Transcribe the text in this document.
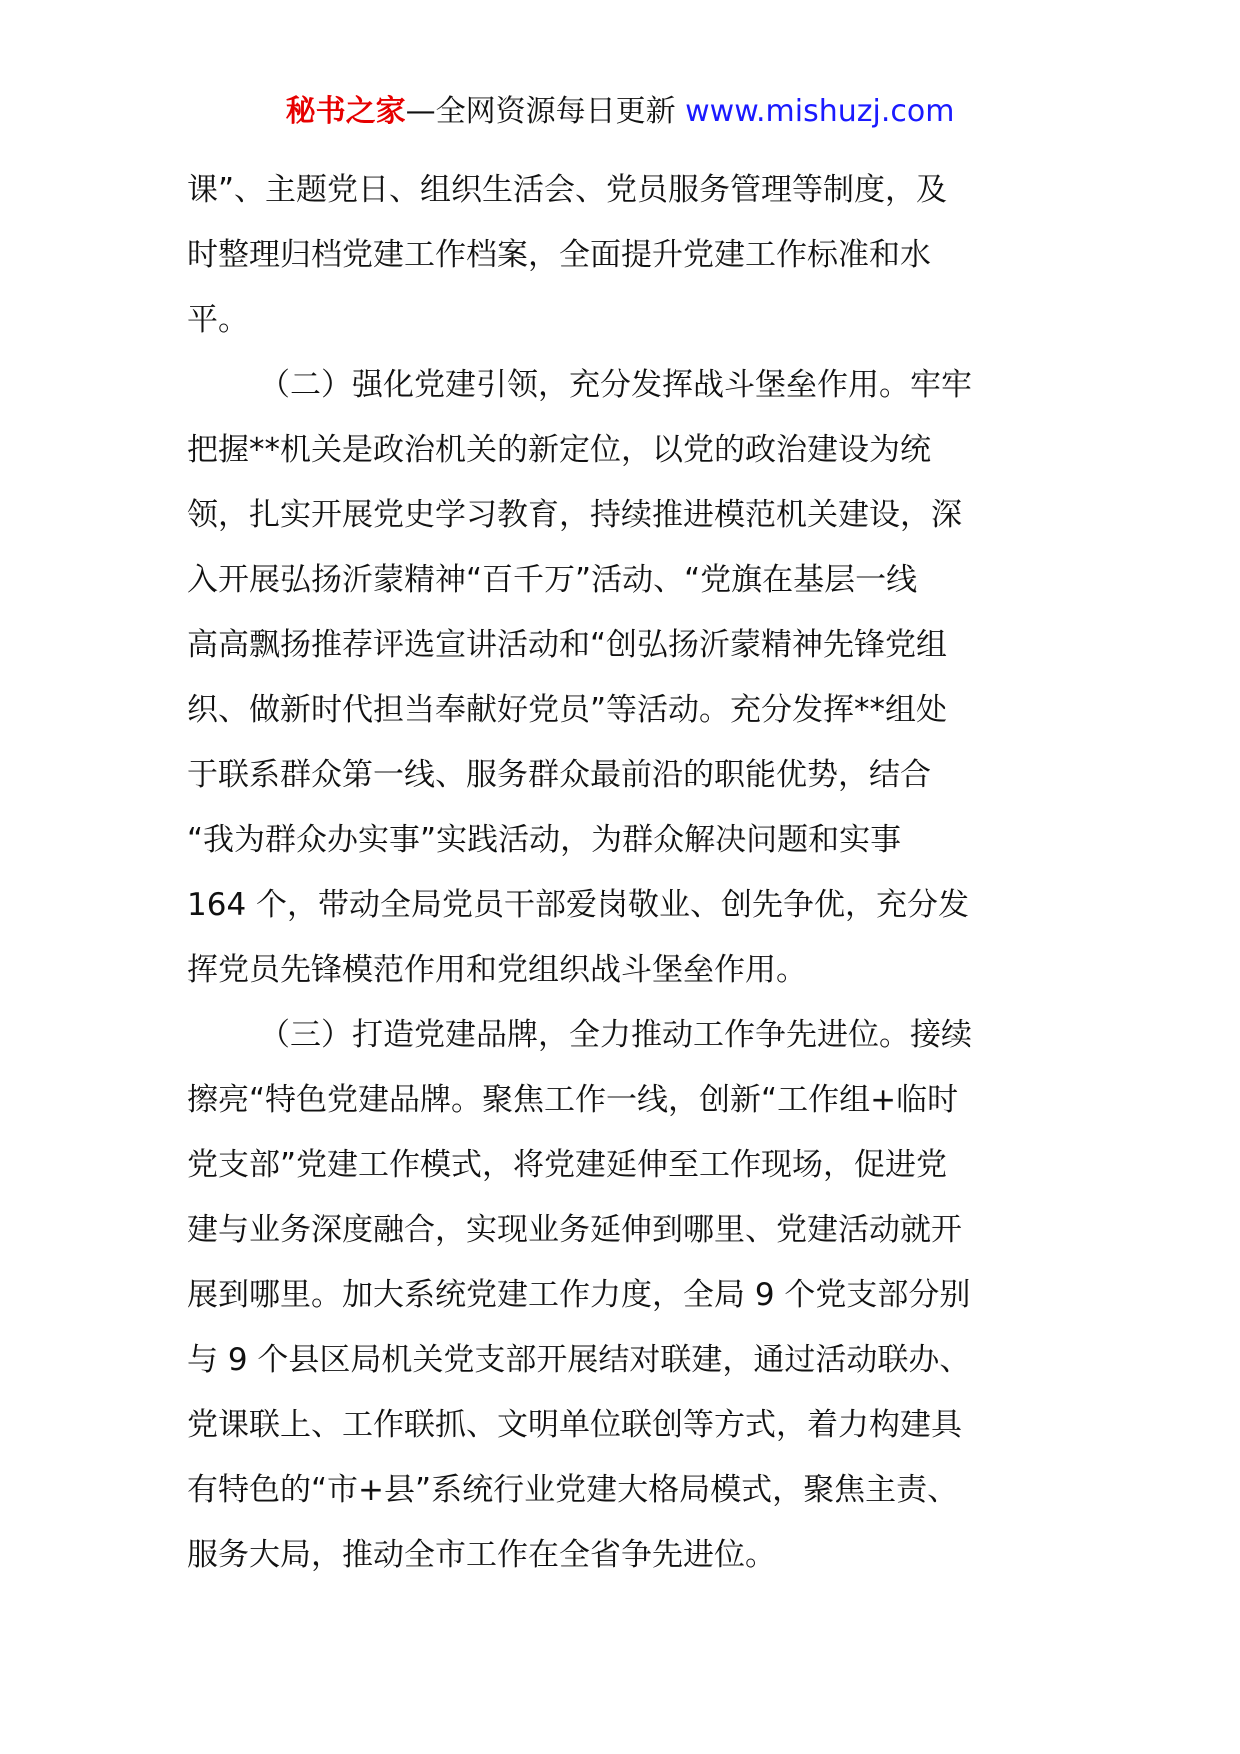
秘书之家—全网资源每日更新 www.mishuzj.com
课”、主题党日、组织生活会、党员服务管理等制度，及
时整理归档党建工作档案，全面提升党建工作标准和水
平。
（二）强化党建引领，充分发挥战斗堡垒作用。牢牢
把握**机关是政治机关的新定位，以党的政治建设为统
领，扎实开展党史学习教育，持续推进模范机关建设，深
入开展弘扬沂蒙精神“百千万”活动、“党旗在基层一线
高高飘扬推荐评选宣讲活动和“创弘扬沂蒙精神先锋党组
织、做新时代担当奉献好党员”等活动。充分发挥**组处
于联系群众第一线、服务群众最前沿的职能优势，结合
“我为群众办实事”实践活动，为群众解决问题和实事
164 个，带动全局党员干部爱岗敬业、创先争优，充分发
挥党员先锋模范作用和党组织战斗堡垒作用。
（三）打造党建品牌，全力推动工作争先进位。接续
擦亮“特色党建品牌。聚焦工作一线，创新“工作组+临时
党支部”党建工作模式，将党建延伸至工作现场，促进党
建与业务深度融合，实现业务延伸到哪里、党建活动就开
展到哪里。加大系统党建工作力度，全局 9 个党支部分别
与 9 个县区局机关党支部开展结对联建，通过活动联办、
党课联上、工作联抓、文明单位联创等方式，着力构建具
有特色的“市+县”系统行业党建大格局模式，聚焦主责、
服务大局，推动全市工作在全省争先进位。
